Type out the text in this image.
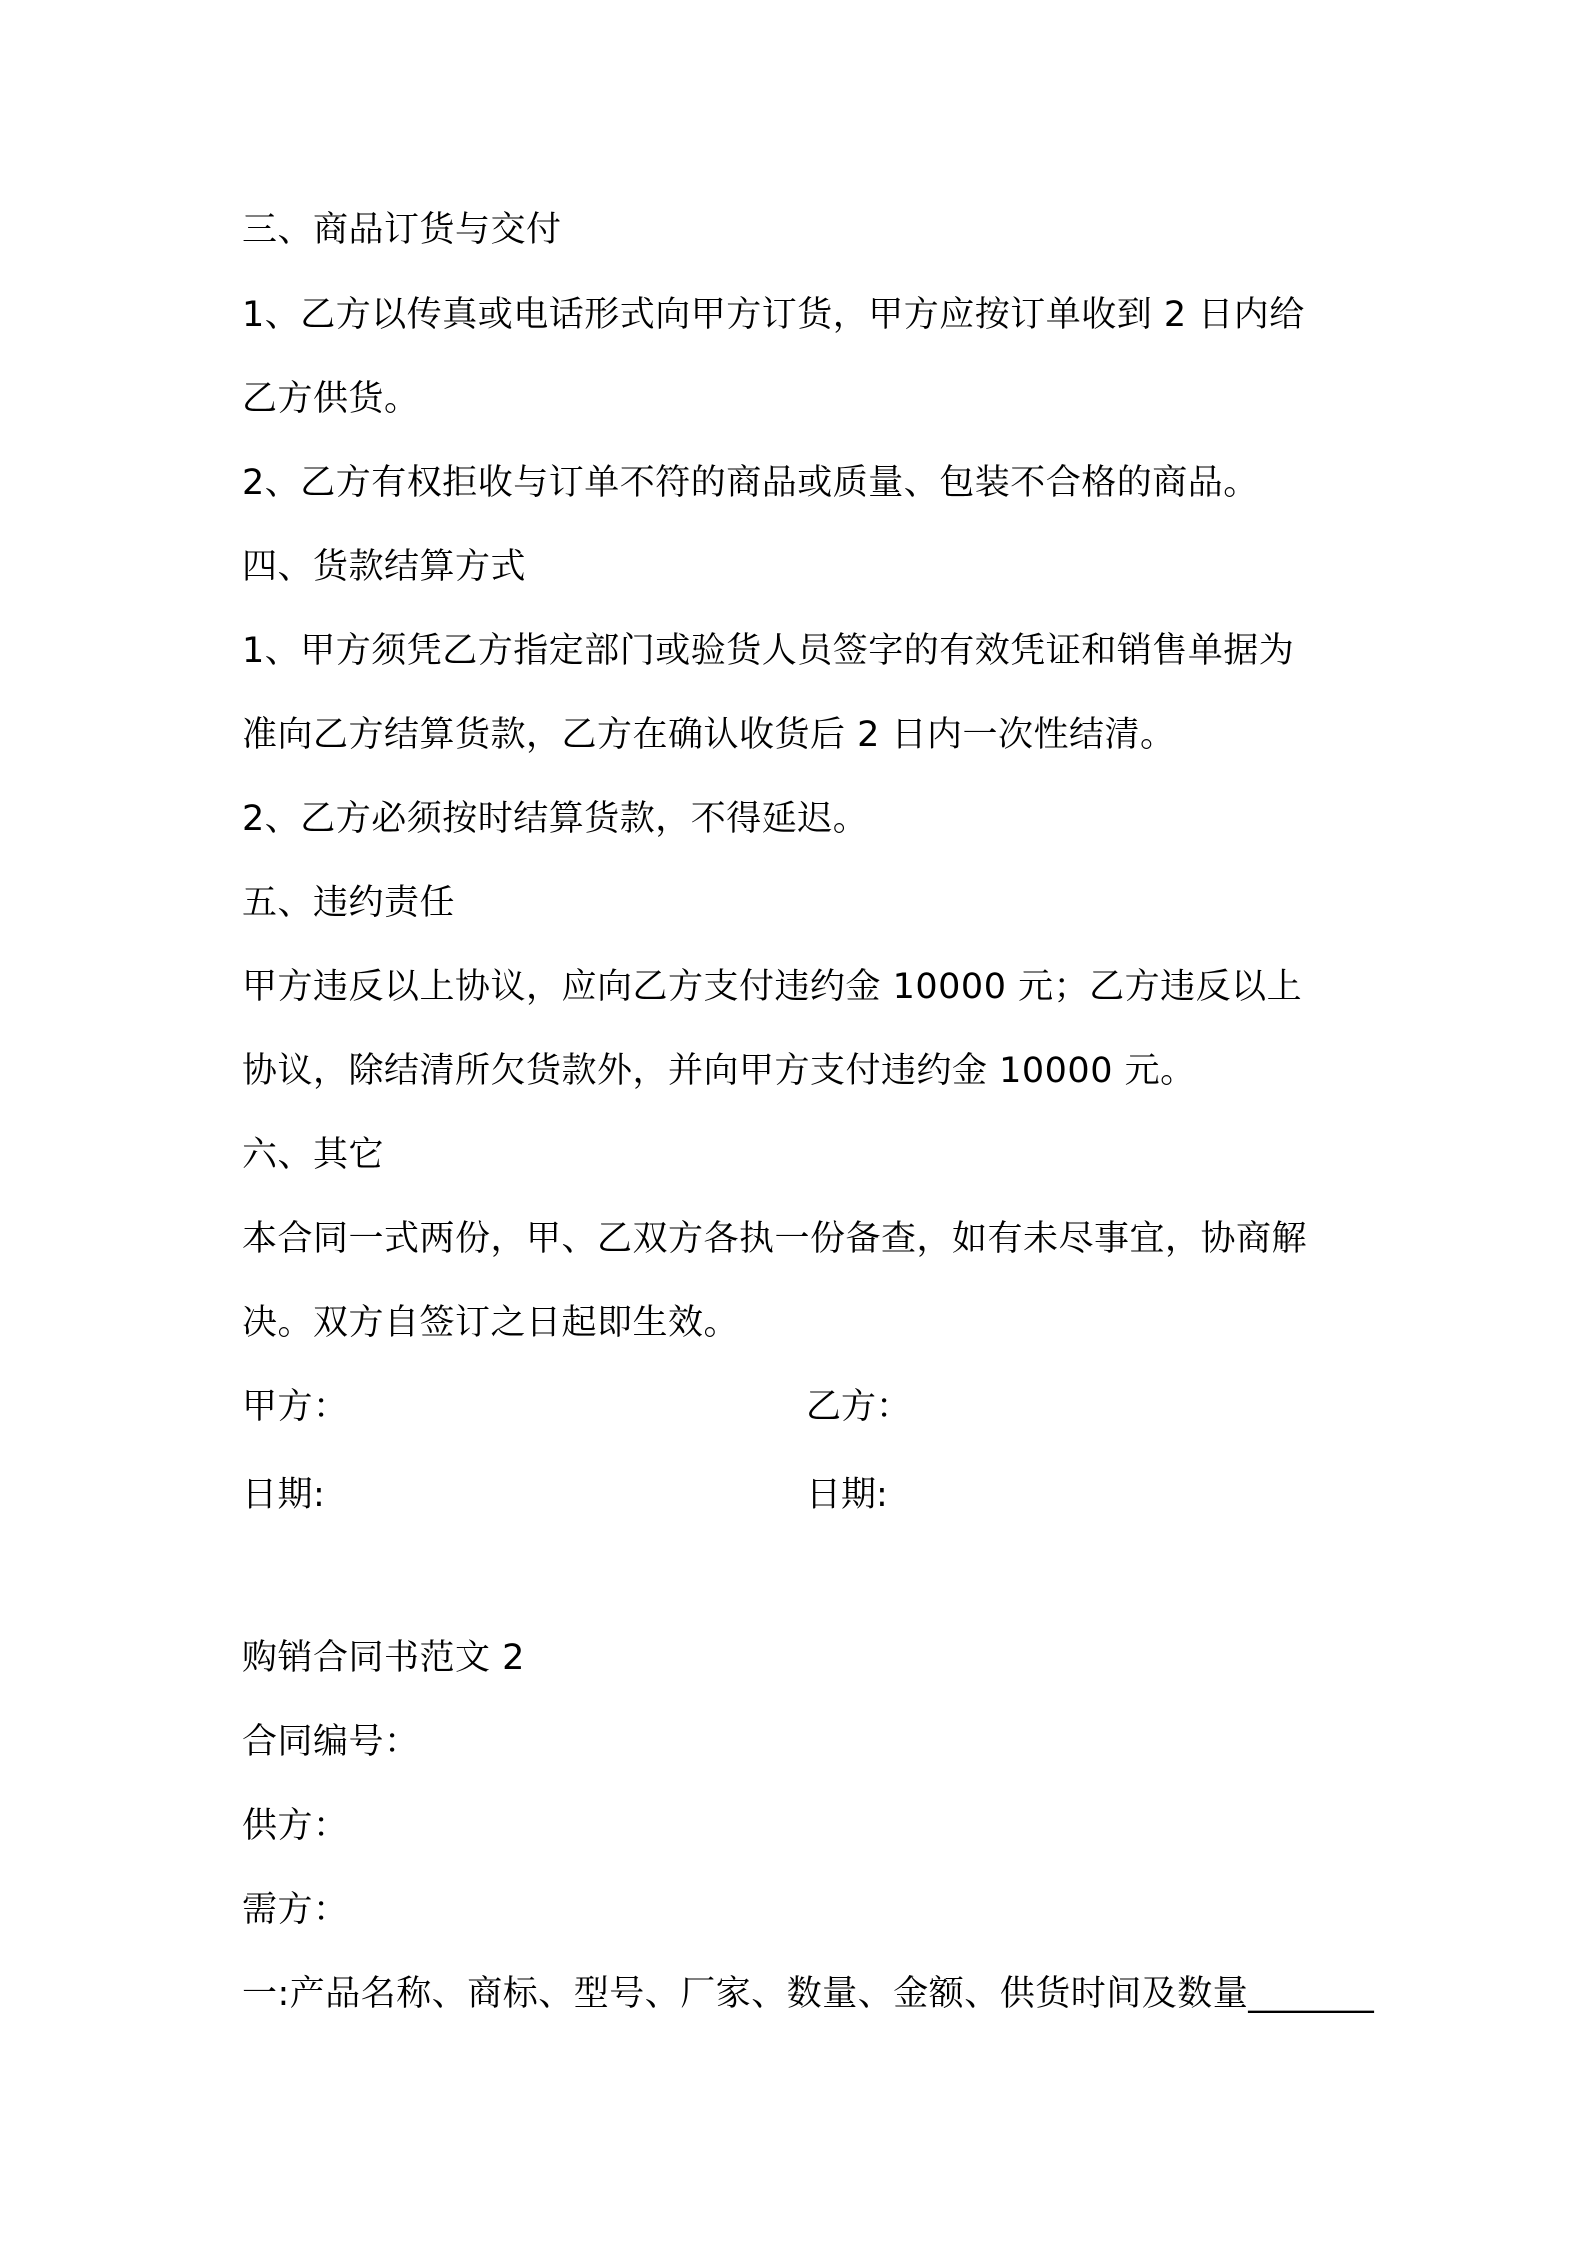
三、商品订货与交付
1、乙方以传真或电话形式向甲方订货，甲方应按订单收到 2 日内给
乙方供货。
2、乙方有权拒收与订单不符的商品或质量、包装不合格的商品。
四、货款结算方式
1、甲方须凭乙方指定部门或验货人员签字的有效凭证和销售单据为
准向乙方结算货款，乙方在确认收货后 2 日内一次性结清。
2、乙方必须按时结算货款，不得延迟。
五、违约责任
甲方违反以上协议，应向乙方支付违约金 10000 元；乙方违反以上
协议，除结清所欠货款外，并向甲方支付违约金 10000 元。
六、其它
本合同一式两份，甲、乙双方各执一份备查，如有未尽事宜，协商解
决。双方自签订之日起即生效。
甲方：	乙方：
日期:	日期:
购销合同书范文 2
合同编号：
供方：
需方：
一:产品名称、商标、型号、厂家、数量、金额、供货时间及数量_______
